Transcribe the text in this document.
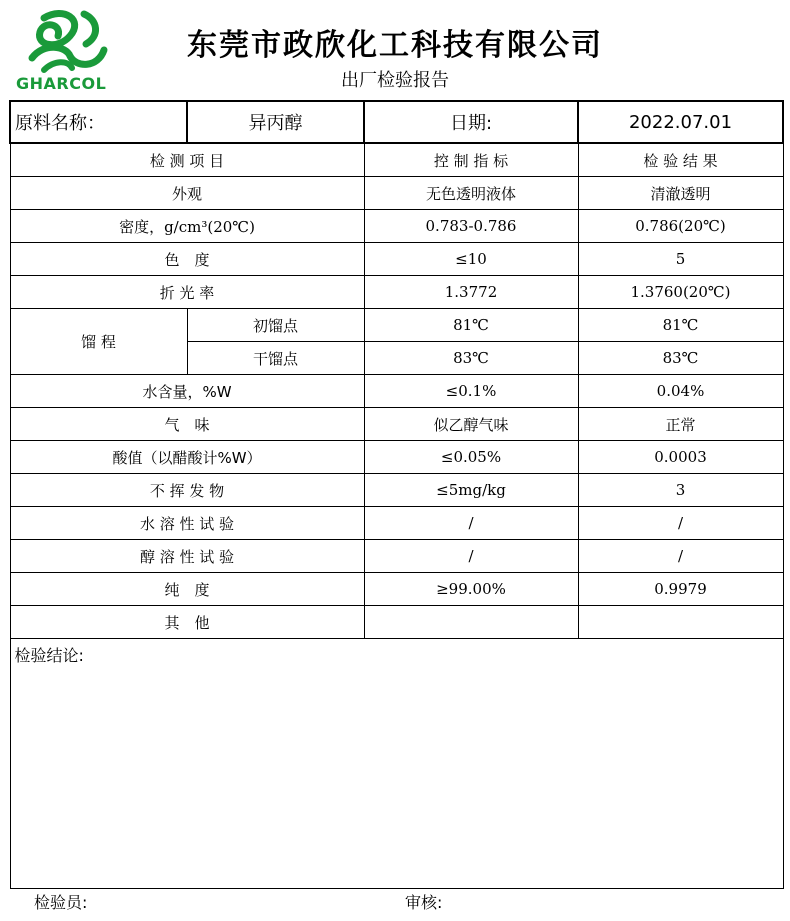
GHARCOL
东莞市政欣化工科技有限公司
出厂检验报告
原料名称：	异丙醇	日期:	2022.07.01
检 测 项 目		控 制 指 标	检 验 结 果
外观		无色透明液体	清澈透明
密度，g/cm³(20℃)		0.783-0.786	0.786(20℃)
色　度		≤10	5
折 光 率		1.3772	1.3760(20℃)
馏 程	初馏点	81℃	81℃
	干馏点	83℃	83℃
水含量，%W		≤0.1%	0.04%
气　味		似乙醇气味	正常
酸值（以醋酸计%W）		≤0.05%	0.0003
不 挥 发 物		≤5mg/kg	3
水 溶 性 试 验		/	/
醇 溶 性 试 验		/	/
纯　度		≥99.00%	0.9979
其　他			
检验结论:			
检验员:	审核:
